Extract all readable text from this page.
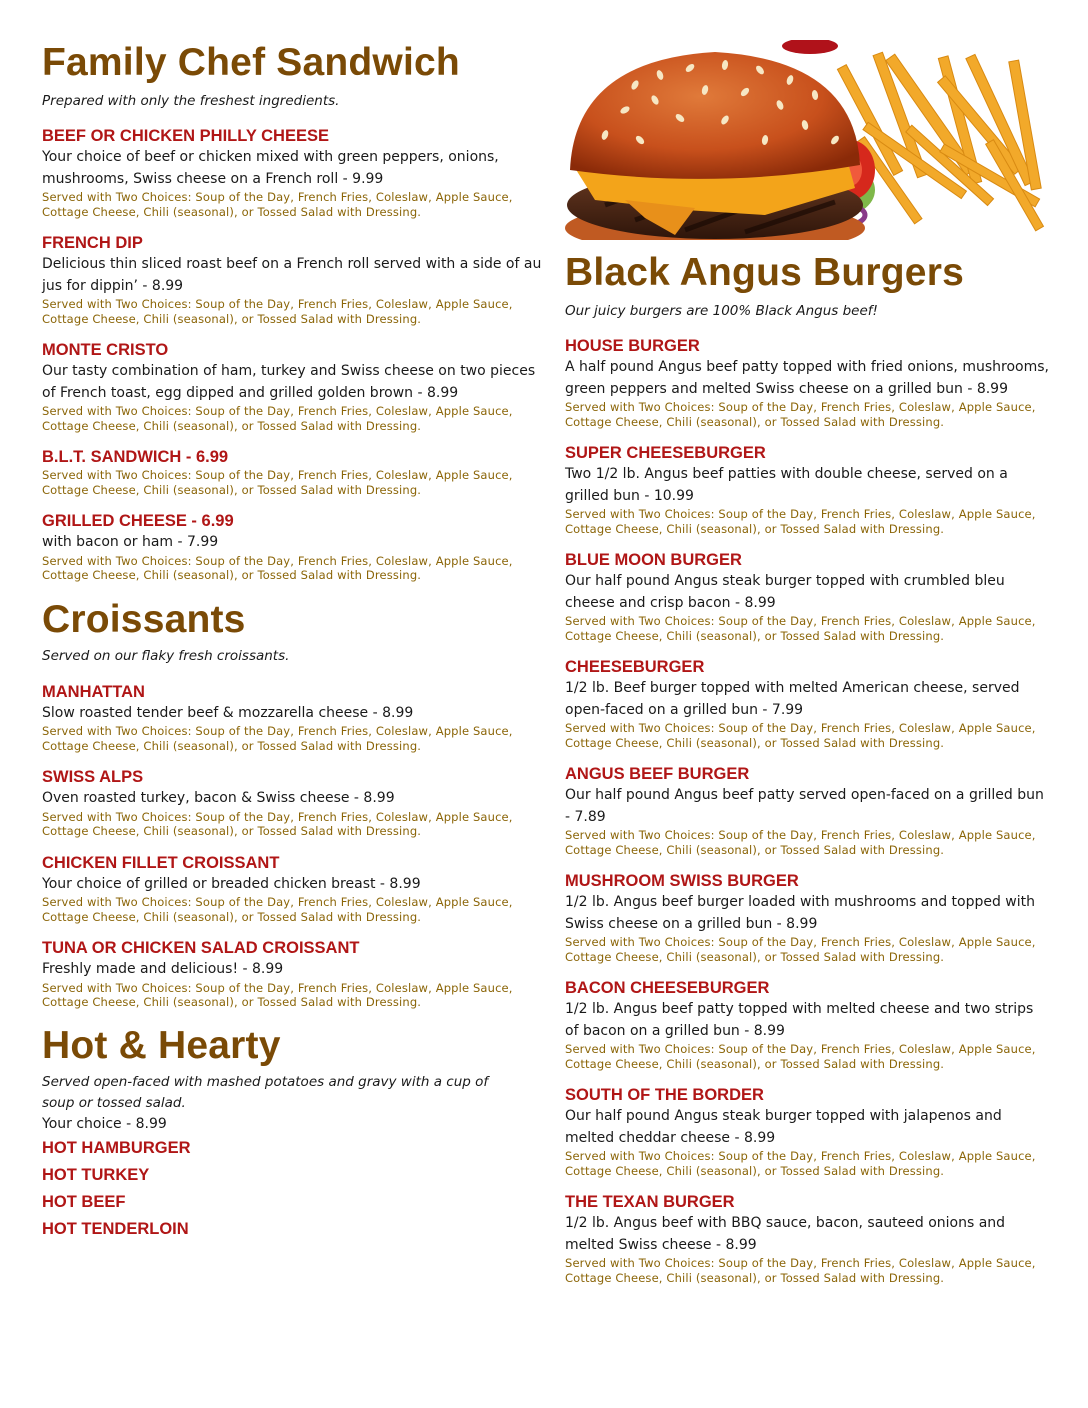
Family Chef Sandwich

Prepared with only the freshest ingredients.

BEEF OR CHICKEN PHILLY CHEESE

Your choice of beef or chicken mixed with green peppers, onions, mushrooms, Swiss cheese on a French roll - 9.99

Served with Two Choices: Soup of the Day, French Fries, Coleslaw, Apple Sauce, Cottage Cheese, Chili (seasonal), or Tossed Salad with Dressing.

FRENCH DIP

Delicious thin sliced roast beef on a French roll served with a side of au jus for dippin’ - 8.99

Served with Two Choices: Soup of the Day, French Fries, Coleslaw, Apple Sauce, Cottage Cheese, Chili (seasonal), or Tossed Salad with Dressing.

MONTE CRISTO

Our tasty combination of ham, turkey and Swiss cheese on two pieces of French toast, egg dipped and grilled golden brown - 8.99

Served with Two Choices: Soup of the Day, French Fries, Coleslaw, Apple Sauce, Cottage Cheese, Chili (seasonal), or Tossed Salad with Dressing.

B.L.T. SANDWICH - 6.99

Served with Two Choices: Soup of the Day, French Fries, Coleslaw, Apple Sauce, Cottage Cheese, Chili (seasonal), or Tossed Salad with Dressing.

GRILLED CHEESE - 6.99

with bacon or ham - 7.99

Served with Two Choices: Soup of the Day, French Fries, Coleslaw, Apple Sauce, Cottage Cheese, Chili (seasonal), or Tossed Salad with Dressing.

Croissants

Served on our flaky fresh croissants.

MANHATTAN

Slow roasted tender beef & mozzarella cheese - 8.99

Served with Two Choices: Soup of the Day, French Fries, Coleslaw, Apple Sauce, Cottage Cheese, Chili (seasonal), or Tossed Salad with Dressing.

SWISS ALPS

Oven roasted turkey, bacon & Swiss cheese - 8.99

Served with Two Choices: Soup of the Day, French Fries, Coleslaw, Apple Sauce, Cottage Cheese, Chili (seasonal), or Tossed Salad with Dressing.

CHICKEN FILLET CROISSANT

Your choice of grilled or breaded chicken breast - 8.99

Served with Two Choices: Soup of the Day, French Fries, Coleslaw, Apple Sauce, Cottage Cheese, Chili (seasonal), or Tossed Salad with Dressing.

TUNA OR CHICKEN SALAD CROISSANT

Freshly made and delicious! - 8.99

Served with Two Choices: Soup of the Day, French Fries, Coleslaw, Apple Sauce, Cottage Cheese, Chili (seasonal), or Tossed Salad with Dressing.

Hot & Hearty

Served open-faced with mashed potatoes and gravy with a cup of soup or tossed salad.

Your choice - 8.99

HOT HAMBURGER

HOT TURKEY

HOT BEEF

HOT TENDERLOIN

Black Angus Burgers

Our juicy burgers are 100% Black Angus beef!

HOUSE BURGER

A half pound Angus beef patty topped with fried onions, mushrooms, green peppers and melted Swiss cheese on a grilled bun - 8.99

Served with Two Choices: Soup of the Day, French Fries, Coleslaw, Apple Sauce, Cottage Cheese, Chili (seasonal), or Tossed Salad with Dressing.

SUPER CHEESEBURGER

Two 1/2 lb. Angus beef patties with double cheese, served on a grilled bun - 10.99

Served with Two Choices: Soup of the Day, French Fries, Coleslaw, Apple Sauce, Cottage Cheese, Chili (seasonal), or Tossed Salad with Dressing.

BLUE MOON BURGER

Our half pound Angus steak burger topped with crumbled bleu cheese and crisp bacon - 8.99

Served with Two Choices: Soup of the Day, French Fries, Coleslaw, Apple Sauce, Cottage Cheese, Chili (seasonal), or Tossed Salad with Dressing.

CHEESEBURGER

1/2 lb. Beef burger topped with melted American cheese, served open-faced on a grilled bun - 7.99

Served with Two Choices: Soup of the Day, French Fries, Coleslaw, Apple Sauce, Cottage Cheese, Chili (seasonal), or Tossed Salad with Dressing.

ANGUS BEEF BURGER

Our half pound Angus beef patty served open-faced on a grilled bun - 7.89

Served with Two Choices: Soup of the Day, French Fries, Coleslaw, Apple Sauce, Cottage Cheese, Chili (seasonal), or Tossed Salad with Dressing.

MUSHROOM SWISS BURGER

1/2 lb. Angus beef burger loaded with mushrooms and topped with Swiss cheese on a grilled bun - 8.99

Served with Two Choices: Soup of the Day, French Fries, Coleslaw, Apple Sauce, Cottage Cheese, Chili (seasonal), or Tossed Salad with Dressing.

BACON CHEESEBURGER

1/2 lb. Angus beef patty topped with melted cheese and two strips of bacon on a grilled bun - 8.99

Served with Two Choices: Soup of the Day, French Fries, Coleslaw, Apple Sauce, Cottage Cheese, Chili (seasonal), or Tossed Salad with Dressing.

SOUTH OF THE BORDER

Our half pound Angus steak burger topped with jalapenos and melted cheddar cheese - 8.99

Served with Two Choices: Soup of the Day, French Fries, Coleslaw, Apple Sauce, Cottage Cheese, Chili (seasonal), or Tossed Salad with Dressing.

THE TEXAN BURGER

1/2 lb. Angus beef with BBQ sauce, bacon, sauteed onions and melted Swiss cheese - 8.99

Served with Two Choices: Soup of the Day, French Fries, Coleslaw, Apple Sauce, Cottage Cheese, Chili (seasonal), or Tossed Salad with Dressing.
